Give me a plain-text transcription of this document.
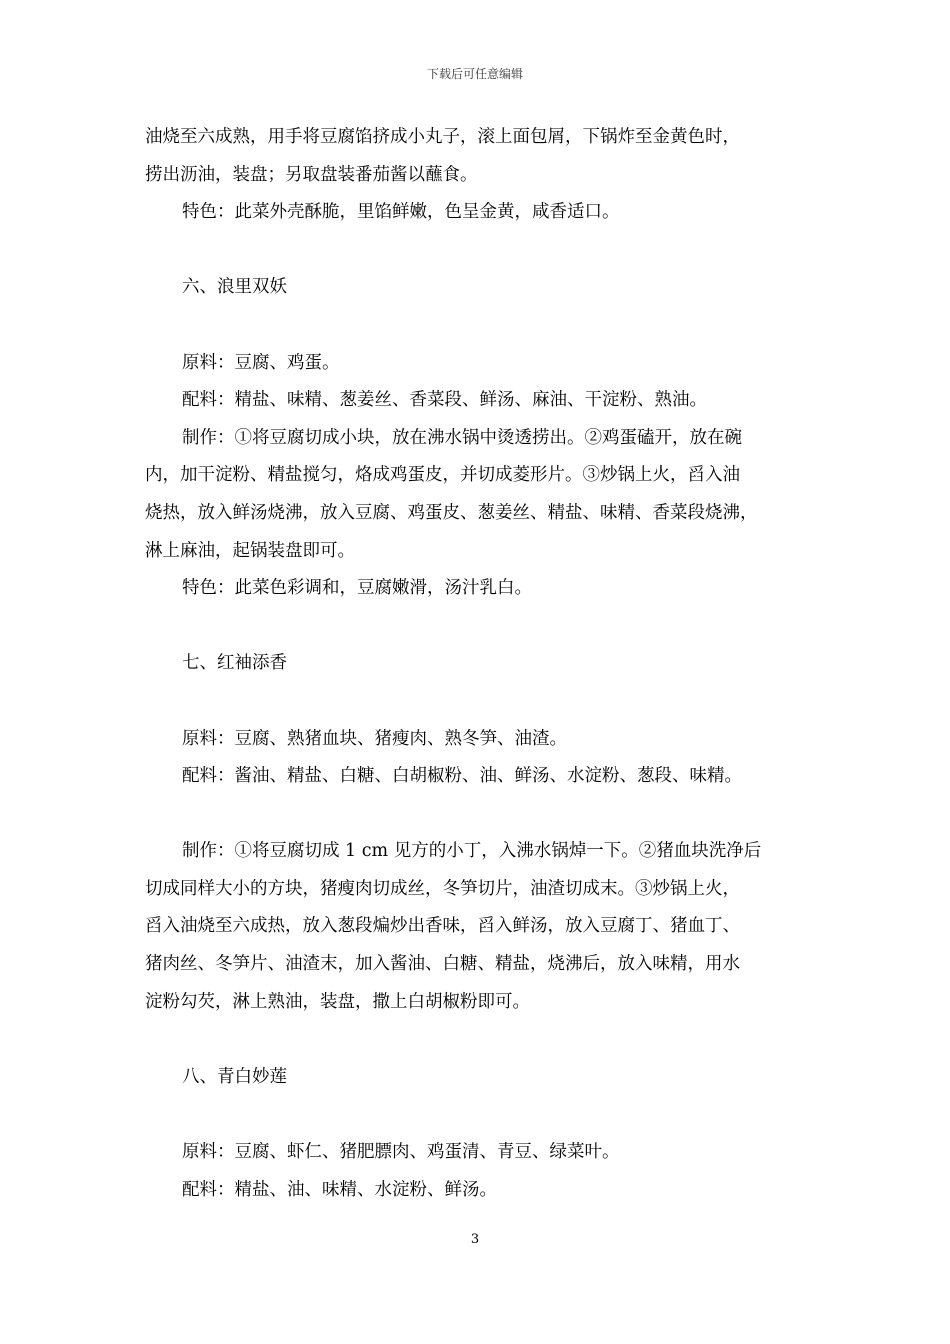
下载后可任意编辑

油烧至六成熟，用手将豆腐馅挤成小丸子，滚上面包屑，下锅炸至金黄色时，

捞出沥油，装盘；另取盘装番茄酱以蘸食。

特色：此菜外壳酥脆，里馅鲜嫩，色呈金黄，咸香适口。

六、浪里双妖

原料：豆腐、鸡蛋。

配料：精盐、味精、葱姜丝、香菜段、鲜汤、麻油、干淀粉、熟油。

制作：①将豆腐切成小块，放在沸水锅中烫透捞出。②鸡蛋磕开，放在碗

内，加干淀粉、精盐搅匀，烙成鸡蛋皮，并切成菱形片。③炒锅上火，舀入油

烧热，放入鲜汤烧沸，放入豆腐、鸡蛋皮、葱姜丝、精盐、味精、香菜段烧沸，

淋上麻油，起锅装盘即可。

特色：此菜色彩调和，豆腐嫩滑，汤汁乳白。

七、红袖添香

原料：豆腐、熟猪血块、猪瘦肉、熟冬笋、油渣。

配料：酱油、精盐、白糖、白胡椒粉、油、鲜汤、水淀粉、葱段、味精。

制作：①将豆腐切成 1 cm 见方的小丁，入沸水锅焯一下。②猪血块洗净后

切成同样大小的方块，猪瘦肉切成丝，冬笋切片，油渣切成末。③炒锅上火，

舀入油烧至六成热，放入葱段煸炒出香味，舀入鲜汤，放入豆腐丁、猪血丁、

猪肉丝、冬笋片、油渣末，加入酱油、白糖、精盐，烧沸后，放入味精，用水

淀粉勾芡，淋上熟油，装盘，撒上白胡椒粉即可。

八、青白妙莲

原料：豆腐、虾仁、猪肥膘肉、鸡蛋清、青豆、绿菜叶。

配料：精盐、油、味精、水淀粉、鲜汤。

3
